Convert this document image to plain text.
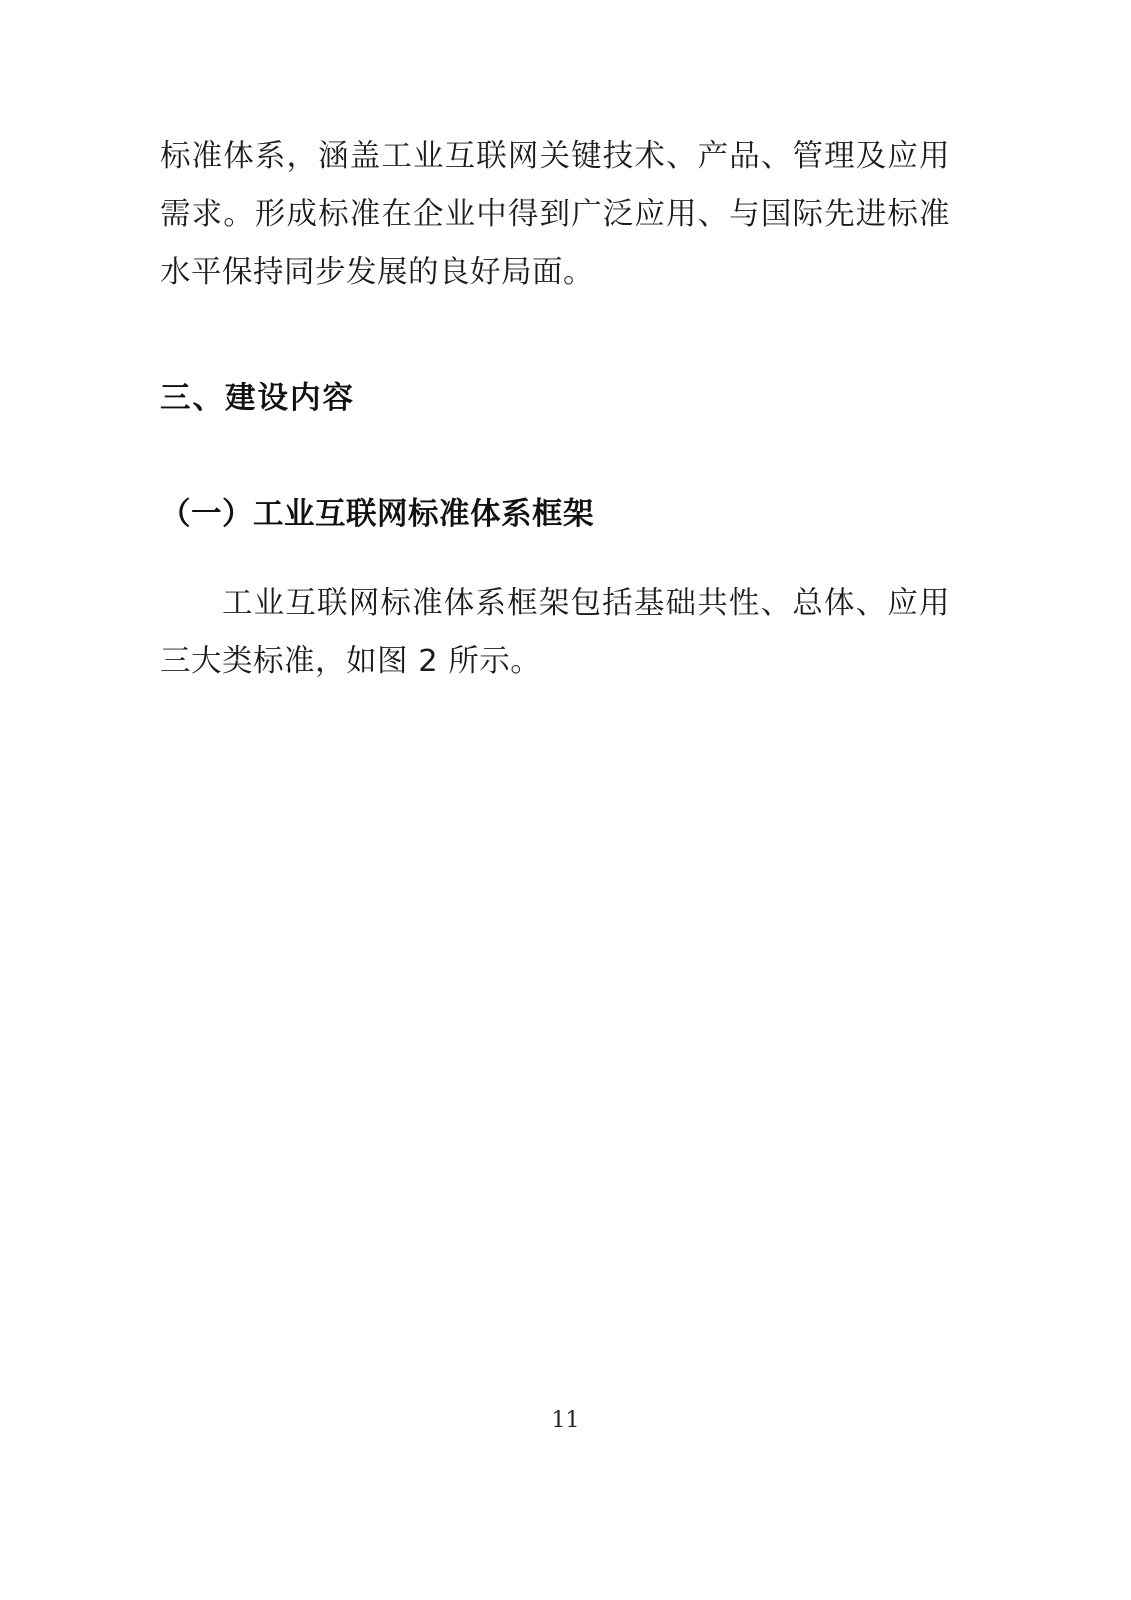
标准体系，涵盖工业互联网关键技术、产品、管理及应用需求。形成标准在企业中得到广泛应用、与国际先进标准水平保持同步发展的良好局面。

三、建设内容
（一）工业互联网标准体系框架

工业互联网标准体系框架包括基础共性、总体、应用三大类标准，如图 2 所示。

11
